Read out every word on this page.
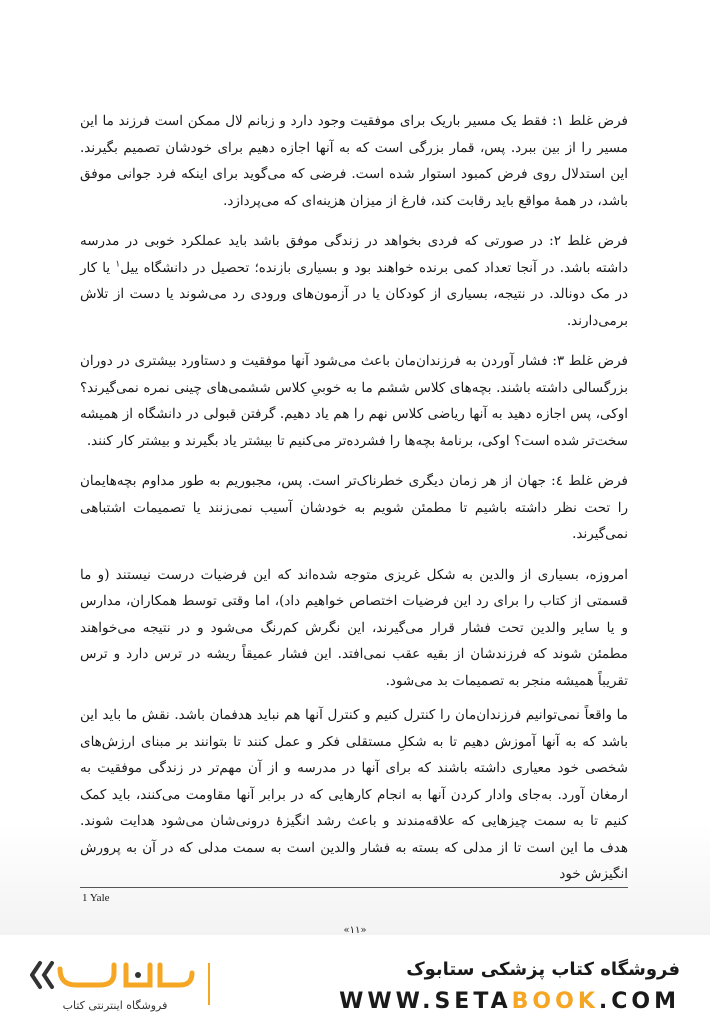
فرض غلط ۱: فقط یک مسیر باریک برای موفقیت وجود دارد و زبانم لال ممکن است فرزند ما این مسیر را از بین ببرد. پس، قمار بزرگی است که به آنها اجازه دهیم برای خودشان تصمیم بگیرند. این استدلال روی فرض کمبود استوار شده است. فرضی که می‌گوید برای اینکه فرد جوانی موفق باشد، در همهٔ مواقع باید رقابت کند، فارغ از میزان هزینه‌ای که می‌پردازد.

فرض غلط ۲: در صورتی که فردی بخواهد در زندگی موفق باشد باید عملکرد خوبی در مدرسه داشته باشد. در آنجا تعداد کمی برنده خواهند بود و بسیاری بازنده؛ تحصیل در دانشگاه ییل$^۱$ یا کار در مک دونالد. در نتیجه، بسیاری از کودکان یا در آزمون‌های ورودی رد می‌شوند یا دست از تلاش برمی‌دارند.

فرض غلط ۳: فشار آوردن به فرزندان‌مان باعث می‌شود آنها موفقیت و دستاورد بیشتری در دوران بزرگسالی داشته باشند. بچه‌های کلاس ششم ما به خوبیِ کلاس ششمی‌های چینی نمره نمی‌گیرند؟ اوکی، پس اجازه دهید به آنها ریاضی کلاس نهم را هم یاد دهیم. گرفتن قبولی در دانشگاه از همیشه سخت‌تر شده است؟ اوکی، برنامهٔ بچه‌ها را فشرده‌تر می‌کنیم تا بیشتر یاد بگیرند و بیشتر کار کنند.

فرض غلط ٤: جهان از هر زمان دیگری خطرناک‌تر است. پس، مجبوریم به طور مداوم بچه‌هایمان را تحت نظر داشته باشیم تا مطمئن شویم به خودشان آسیب نمی‌زنند یا تصمیمات اشتباهی نمی‌گیرند.

امروزه، بسیاری از والدین به شکل غریزی متوجه شده‌اند که این فرضیات درست نیستند (و ما قسمتی از کتاب را برای رد این فرضیات اختصاص خواهیم داد)، اما وقتی توسط همکاران، مدارس و یا سایر والدین تحت فشار قرار می‌گیرند، این نگرش کم‌رنگ می‌شود و در نتیجه می‌خواهند مطمئن شوند که فرزندشان از بقیه عقب نمی‌افتد. این فشار عمیقاً ریشه در ترس دارد و ترس تقریباً همیشه منجر به تصمیمات بد می‌شود.

ما واقعاً نمی‌توانیم فرزندان‌مان را کنترل کنیم و کنترل آنها هم نباید هدفمان باشد. نقش ما باید این باشد که به آنها آموزش دهیم تا به شکلِ مستقلی فکر و عمل کنند تا بتوانند بر مبنای ارزش‌های شخصی خود معیاری داشته باشند که برای آنها در مدرسه و از آن مهم‌تر در زندگی موفقیت به ارمغان آورد. به‌جای وادار کردن آنها به انجام کارهایی که در برابر آنها مقاومت می‌کنند، باید کمک کنیم تا به سمت چیزهایی که علاقه‌مندند و باعث رشد انگیزهٔ درونی‌شان می‌شود هدایت شوند. هدف ما این است تا از مدلی که بسته به فشار والدین است به سمت مدلی که در آن به پرورش انگیزش خود

1 Yale
«۱۱»
فروشگاه اینترنتی کتاب
فروشگاه کتاب پزشکی ستابوک
WWW.SETABOOK.COM
